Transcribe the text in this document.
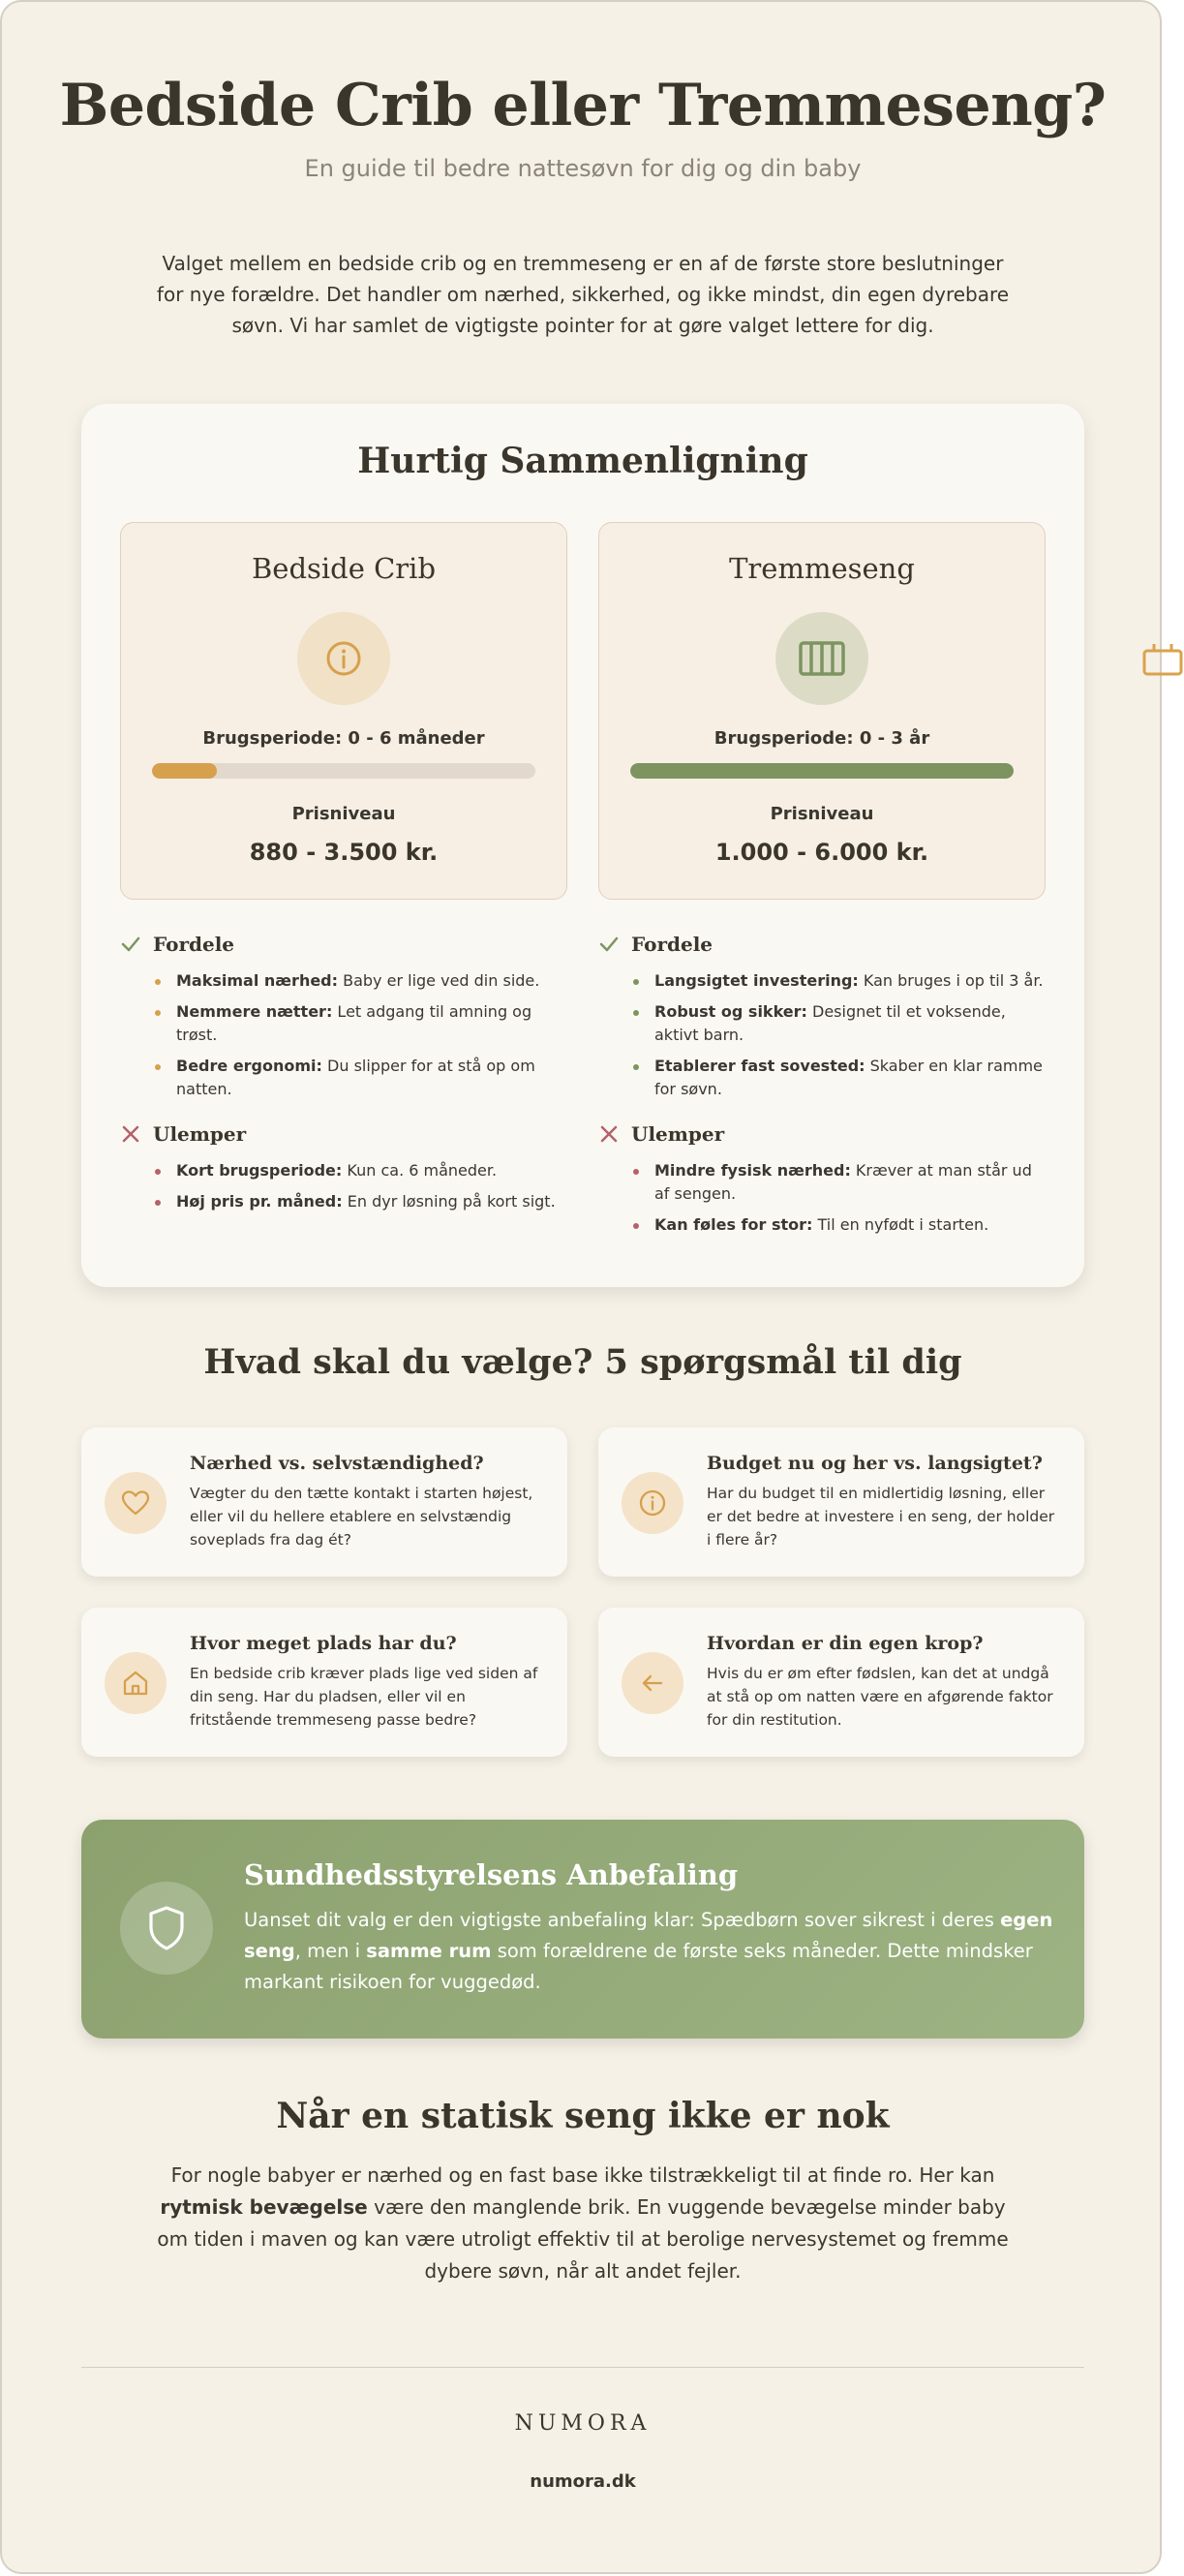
Bedside Crib eller Tremmeseng?
En guide til bedre nattesøvn for dig og din baby

Valget mellem en bedside crib og en tremmeseng er en af de første store beslutninger for nye forældre. Det handler om nærhed, sikkerhed, og ikke mindst, din egen dyrebare søvn. Vi har samlet de vigtigste pointer for at gøre valget lettere for dig.

Hurtig Sammenligning
Bedside Crib
Brugsperiode: 0 - 6 måneder
Prisniveau
880 - 3.500 kr.
Tremmeseng
Brugsperiode: 0 - 3 år
Prisniveau
1.000 - 6.000 kr.
Fordele
Maksimal nærhed: Baby er lige ved din side.
Nemmere nætter: Let adgang til amning og trøst.
Bedre ergonomi: Du slipper for at stå op om natten.
Ulemper
Kort brugsperiode: Kun ca. 6 måneder.
Høj pris pr. måned: En dyr løsning på kort sigt.
Fordele
Langsigtet investering: Kan bruges i op til 3 år.
Robust og sikker: Designet til et voksende, aktivt barn.
Etablerer fast sovested: Skaber en klar ramme for søvn.
Ulemper
Mindre fysisk nærhed: Kræver at man står ud af sengen.
Kan føles for stor: Til en nyfødt i starten.
Hvad skal du vælge? 5 spørgsmål til dig
Nærhed vs. selvstændighed?
Vægter du den tætte kontakt i starten højest, eller vil du hellere etablere en selvstændig soveplads fra dag ét?
Budget nu og her vs. langsigtet?
Har du budget til en midlertidig løsning, eller er det bedre at investere i en seng, der holder i flere år?
Hvor meget plads har du?
En bedside crib kræver plads lige ved siden af din seng. Har du pladsen, eller vil en fritstående tremmeseng passe bedre?
Hvordan er din egen krop?
Hvis du er øm efter fødslen, kan det at undgå at stå op om natten være en afgørende faktor for din restitution.
Sundhedsstyrelsens Anbefaling

Uanset dit valg er den vigtigste anbefaling klar: Spædbørn sover sikrest i deres egen seng, men i samme rum som forældrene de første seks måneder. Dette mindsker markant risikoen for vuggedød.

Når en statisk seng ikke er nok

For nogle babyer er nærhed og en fast base ikke tilstrækkeligt til at finde ro. Her kan rytmisk bevægelse være den manglende brik. En vuggende bevægelse minder baby om tiden i maven og kan være utroligt effektiv til at berolige nervesystemet og fremme dybere søvn, når alt andet fejler.

NUMORA
numora.dk
